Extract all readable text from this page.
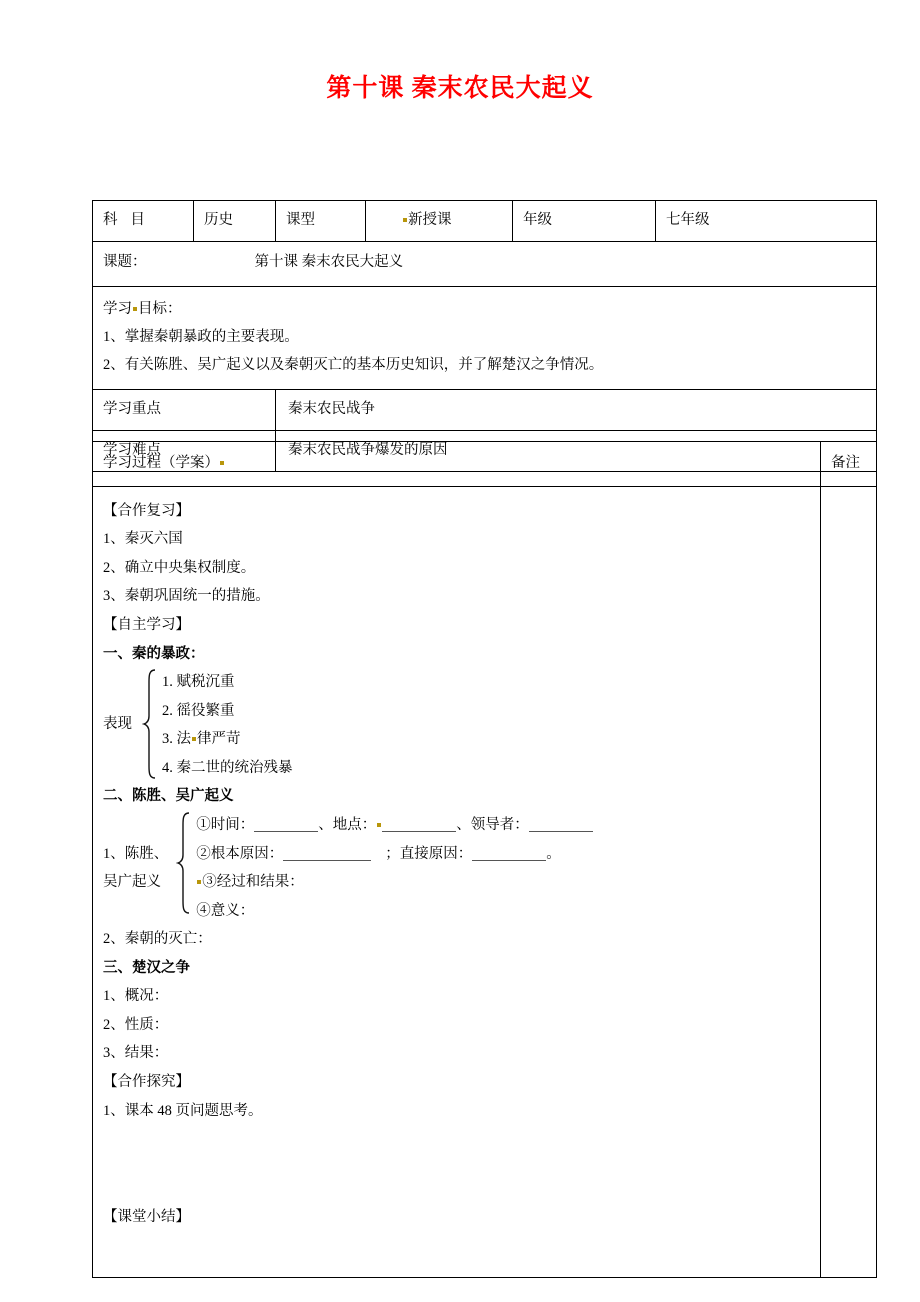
第十课 秦末农民大起义
科 目	历史	课型	新授课	年级	七年级

课题： 第十课 秦末农民大起义					

学习 目标：
1、掌握秦朝暴政的主要表现。
2、有关陈胜、吴广起义以及秦朝灭亡的基本历史知识，并了解楚汉之争情况。					

学习重点		秦末农民战争			

学习难点		秦末农民战争爆发的原因			
学习过程（学案）	备注

【合作复习】
1、秦灭六国
2、确立中央集权制度。
3、秦朝巩固统一的措施。
【自主学习】
一、秦的暴政：
表现
1. 赋税沉重
2. 徭役繁重
3. 法 律严苛
4. 秦二世的统治残暴
二、陈胜、吴广起义
1、陈胜、
吴广起义
①时间：	、地点：	、领导者：
②根本原因：	；直接原因：	。
③经过和结果：
④意义：
2、秦朝的灭亡：
三、楚汉之争
1、概况：
2、性质：
3、结果：
【合作探究】
1、课本 48 页问题思考。
【课堂小结】
